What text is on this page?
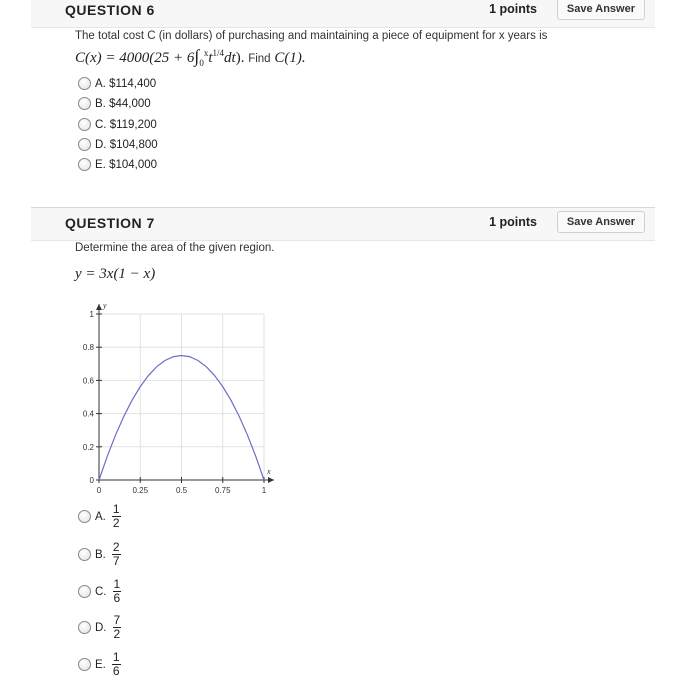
QUESTION 6	1 points	Save Answer
The total cost C (in dollars) of purchasing and maintaining a piece of equipment for x years is
$C(x) = 4000(25 + 6\int_0^xt^{1/4}dt)$. Find C(1).
A.
$114,400
B.
$44,000
C.
$119,200
D.
$104,800
E.
$104,000
QUESTION 7	1 points	Save Answer
Determine the area of the given region.
y = 3x(1 − x)
0	0.25	0.5	0.75	1
0
0.2
0.4
0.6
0.8
1
x
y
A. $\frac{1}{2}$
B. $\frac{2}{7}$
C. $\frac{1}{6}$
D. $\frac{7}{2}$
E. $\frac{1}{6}$
